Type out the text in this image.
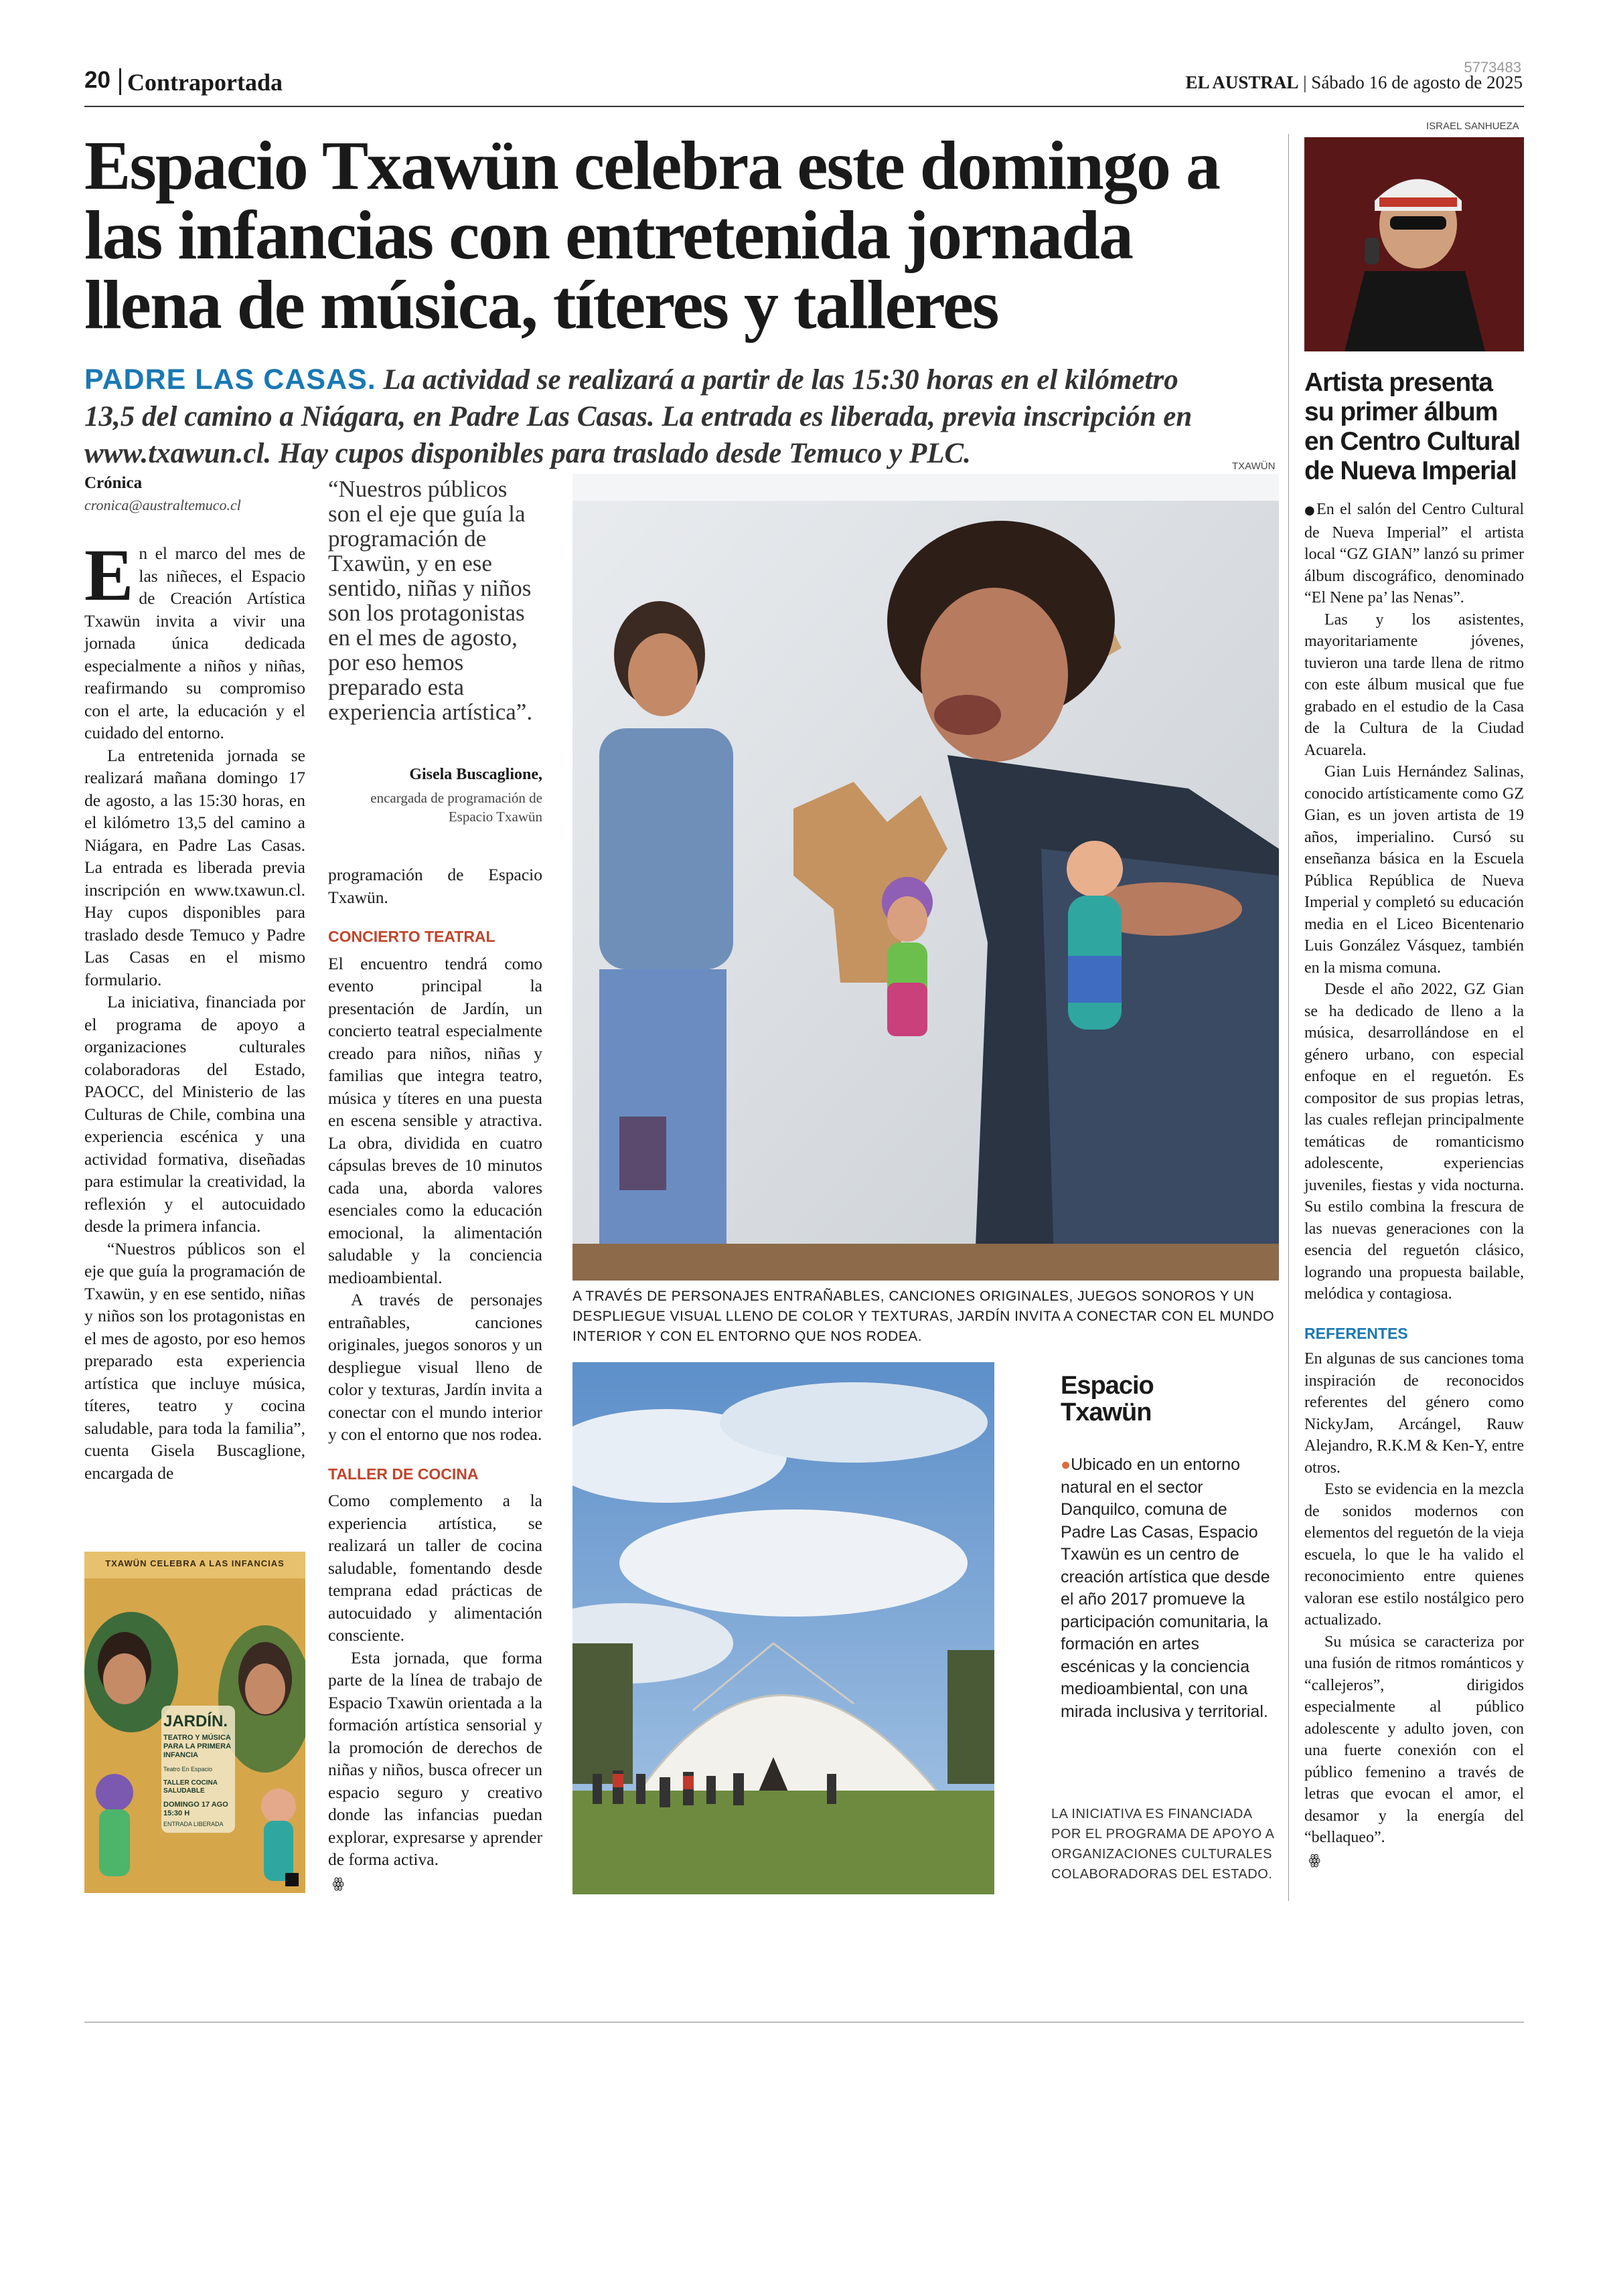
20 Contraportada
5773483
EL AUSTRAL | Sábado 16 de agosto de 2025
Espacio Txawün celebra este domingo a las infancias con entretenida jornada llena de música, títeres y talleres
PADRE LAS CASAS. La actividad se realizará a partir de las 15:30 horas en el kilómetro 13,5 del camino a Niágara, en Padre Las Casas. La entrada es liberada, previa inscripción en www.txawun.cl. Hay cupos disponibles para traslado desde Temuco y PLC.
Crónica
cronica@australtemuco.cl

En el marco del mes de las niñeces, el Espacio de Creación Artística Txawün invita a vivir una jornada única dedicada especialmente a niños y niñas, reafirmando su compromiso con el arte, la educación y el cuidado del entorno.

La entretenida jornada se realizará mañana domingo 17 de agosto, a las 15:30 horas, en el kilómetro 13,5 del camino a Niágara, en Padre Las Casas. La entrada es liberada previa inscripción en www.txawun.cl. Hay cupos disponibles para traslado desde Temuco y Padre Las Casas en el mismo formulario.

La iniciativa, financiada por el programa de apoyo a organizaciones culturales colaboradoras del Estado, PAOCC, del Ministerio de las Culturas de Chile, combina una experiencia escénica y una actividad formativa, diseñadas para estimular la creatividad, la reflexión y el autocuidado desde la primera infancia.

“Nuestros públicos son el eje que guía la programación de Txawün, y en ese sentido, niñas y niños son los protagonistas en el mes de agosto, por eso hemos preparado esta experiencia artística que incluye música, títeres, teatro y cocina saludable, para toda la familia”, cuenta Gisela Buscaglione, encargada de

“Nuestros públicos son el eje que guía la programación de Txawün, y en ese sentido, niñas y niños son los protagonistas en el mes de agosto, por eso hemos preparado esta experiencia artística”.
Gisela Buscaglione,
encargada de programación de Espacio Txawün

programación de Espacio Txawün.

CONCIERTO TEATRAL

El encuentro tendrá como evento principal la presentación de Jardín, un concierto teatral especialmente creado para niños, niñas y familias que integra teatro, música y títeres en una puesta en escena sensible y atractiva. La obra, dividida en cuatro cápsulas breves de 10 minutos cada una, aborda valores esenciales como la educación emocional, la alimentación saludable y la conciencia medioambiental.

A través de personajes entrañables, canciones originales, juegos sonoros y un despliegue visual lleno de color y texturas, Jardín invita a conectar con el mundo interior y con el entorno que nos rodea.

TALLER DE COCINA

Como complemento a la experiencia artística, se realizará un taller de cocina saludable, fomentando desde temprana edad prácticas de autocuidado y alimentación consciente.

Esta jornada, que forma parte de la línea de trabajo de Espacio Txawün orientada a la formación artística sensorial y la promoción de derechos de niñas y niños, busca ofrecer un espacio seguro y creativo donde las infancias puedan explorar, expresarse y aprender de forma activa.

ꙮ
TXAWÜN
A TRAVÉS DE PERSONAJES ENTRAÑABLES, CANCIONES ORIGINALES, JUEGOS SONOROS Y UN DESPLIEGUE VISUAL LLENO DE COLOR Y TEXTURAS, JARDÍN INVITA A CONECTAR CON EL MUNDO INTERIOR Y CON EL ENTORNO QUE NOS RODEA.
Espacio
Txawün
●Ubicado en un entorno natural en el sector Danquilco, comuna de Padre Las Casas, Espacio Txawün es un centro de creación artística que desde el año 2017 promueve la participación comunitaria, la formación en artes escénicas y la conciencia medioambiental, con una mirada inclusiva y territorial.
LA INICIATIVA ES FINANCIADA POR EL PROGRAMA DE APOYO A ORGANIZACIONES CULTURALES COLABORADORAS DEL ESTADO.
TXAWÜN CELEBRA A LAS INFANCIAS
JARDÍN.
TEATRO Y MÚSICA PARA LA PRIMERA INFANCIA
Teatro En Espacio
TALLER COCINA SALUDABLE
DOMINGO 17 AGO 15:30 H
ENTRADA LIBERADA
ISRAEL SANHUEZA
Artista presenta su primer álbum en Centro Cultural de Nueva Imperial

●En el salón del Centro Cultural de Nueva Imperial” el artista local “GZ GIAN” lanzó su primer álbum discográfico, denominado “El Nene pa’ las Nenas”.

Las y los asistentes, mayoritariamente jóvenes, tuvieron una tarde llena de ritmo con este álbum musical que fue grabado en el estudio de la Casa de la Cultura de la Ciudad Acuarela.

Gian Luis Hernández Salinas, conocido artísticamente como GZ Gian, es un joven artista de 19 años, imperialino. Cursó su enseñanza básica en la Escuela Pública República de Nueva Imperial y completó su educación media en el Liceo Bicentenario Luis González Vásquez, también en la misma comuna.

Desde el año 2022, GZ Gian se ha dedicado de lleno a la música, desarrollándose en el género urbano, con especial enfoque en el reguetón. Es compositor de sus propias letras, las cuales reflejan principalmente temáticas de romanticismo adolescente, experiencias juveniles, fiestas y vida nocturna. Su estilo combina la frescura de las nuevas generaciones con la esencia del reguetón clásico, logrando una propuesta bailable, melódica y contagiosa.

REFERENTES

En algunas de sus canciones toma inspiración de reconocidos referentes del género como NickyJam, Arcángel, Rauw Alejandro, R.K.M & Ken-Y, entre otros.

Esto se evidencia en la mezcla de sonidos modernos con elementos del reguetón de la vieja escuela, lo que le ha valido el reconocimiento entre quienes valoran ese estilo nostálgico pero actualizado.

Su música se caracteriza por una fusión de ritmos románticos y “callejeros”, dirigidos especialmente al público adolescente y adulto joven, con una fuerte conexión con el público femenino a través de letras que evocan el amor, el desamor y la energía del “bellaqueo”.

ꙮ
